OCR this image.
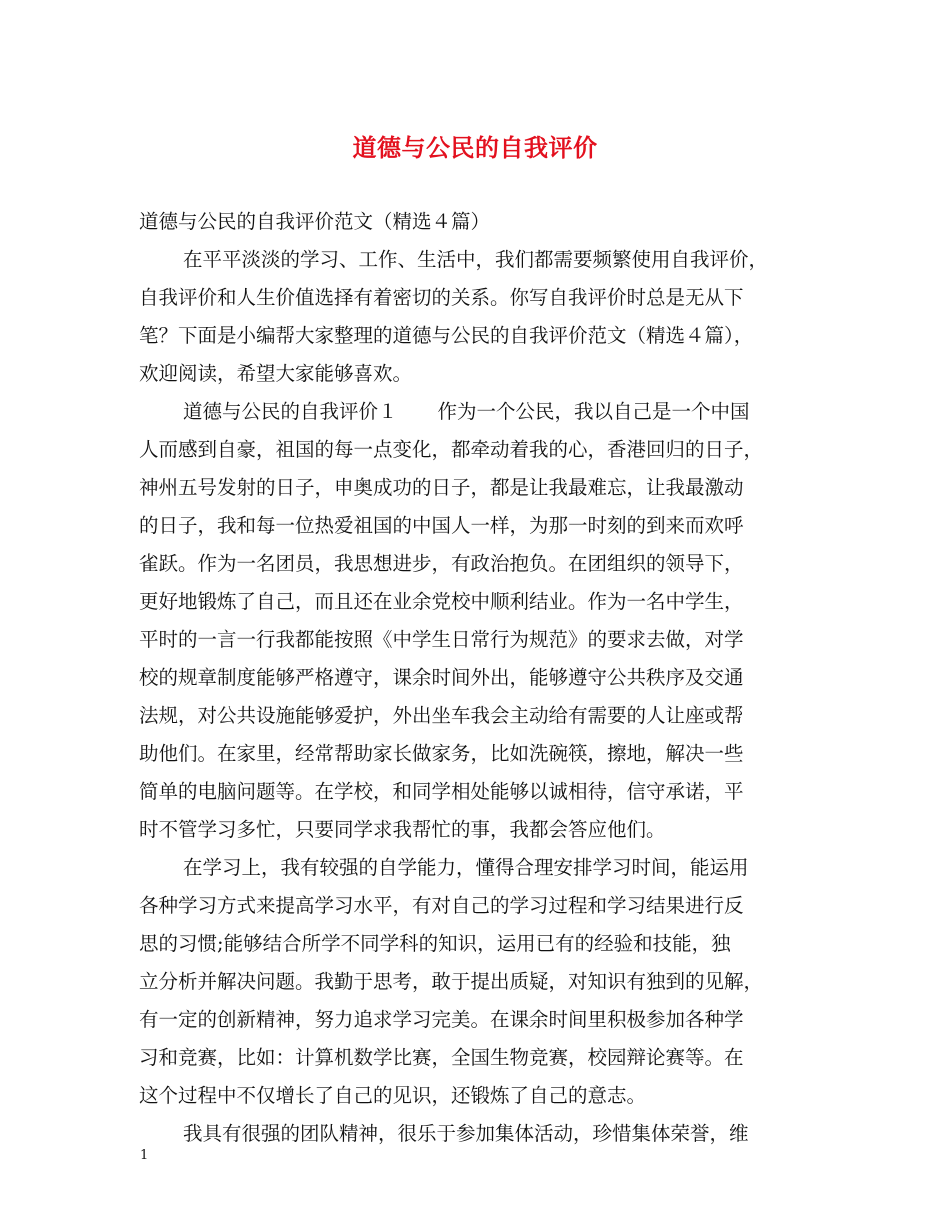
道德与公民的自我评价
道德与公民的自我评价范文（精选４篇）
在平平淡淡的学习、工作、生活中，我们都需要频繁使用自我评价，
自我评价和人生价值选择有着密切的关系。你写自我评价时总是无从下
笔？下面是小编帮大家整理的道德与公民的自我评价范文（精选４篇），
欢迎阅读，希望大家能够喜欢。
道德与公民的自我评价１ 作为一个公民，我以自己是一个中国
人而感到自豪，祖国的每一点变化，都牵动着我的心，香港回归的日子，
神州五号发射的日子，申奥成功的日子，都是让我最难忘，让我最激动
的日子，我和每一位热爱祖国的中国人一样，为那一时刻的到来而欢呼
雀跃。作为一名团员，我思想进步，有政治抱负。在团组织的领导下，
更好地锻炼了自己，而且还在业余党校中顺利结业。作为一名中学生，
平时的一言一行我都能按照《中学生日常行为规范》的要求去做，对学
校的规章制度能够严格遵守，课余时间外出，能够遵守公共秩序及交通
法规，对公共设施能够爱护，外出坐车我会主动给有需要的人让座或帮
助他们。在家里，经常帮助家长做家务，比如洗碗筷，擦地，解决一些
简单的电脑问题等。在学校，和同学相处能够以诚相待，信守承诺，平
时不管学习多忙，只要同学求我帮忙的事，我都会答应他们。
在学习上，我有较强的自学能力，懂得合理安排学习时间，能运用
各种学习方式来提高学习水平，有对自己的学习过程和学习结果进行反
思的习惯;能够结合所学不同学科的知识，运用已有的经验和技能，独
立分析并解决问题。我勤于思考，敢于提出质疑，对知识有独到的见解，
有一定的创新精神，努力追求学习完美。在课余时间里积极参加各种学
习和竞赛，比如：计算机数学比赛，全国生物竞赛，校园辩论赛等。在
这个过程中不仅增长了自己的见识，还锻炼了自己的意志。
我具有很强的团队精神，很乐于参加集体活动，珍惜集体荣誉，维
1
